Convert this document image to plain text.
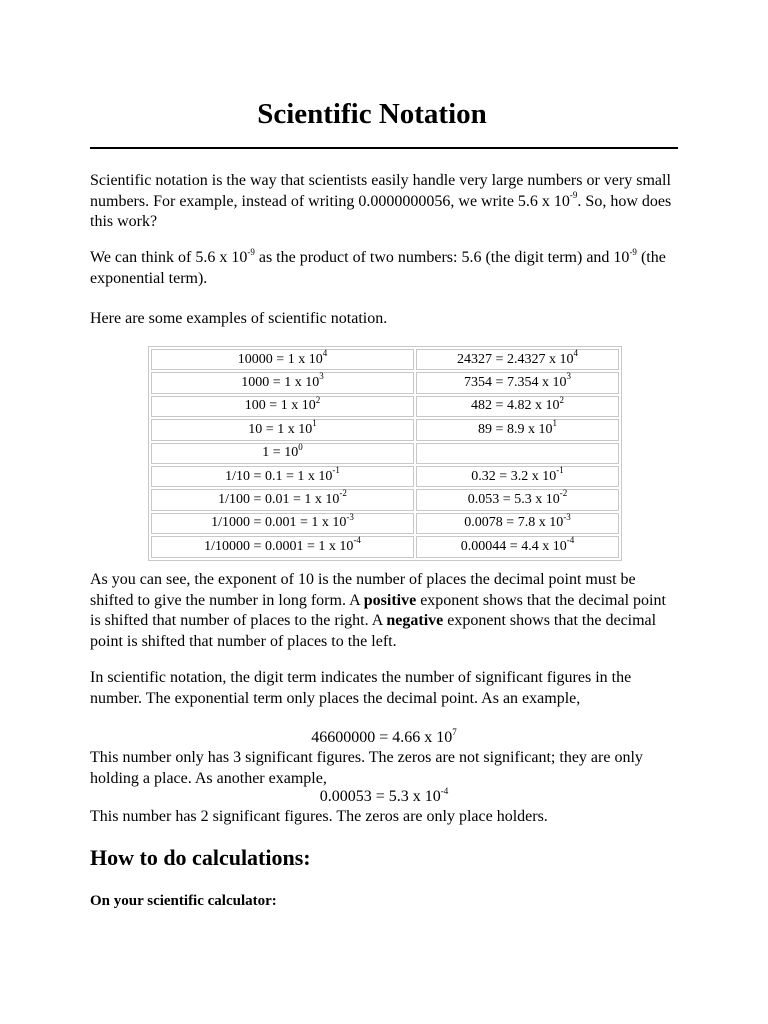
Scientific Notation

Scientific notation is the way that scientists easily handle very large numbers or very small numbers. For example, instead of writing 0.0000000056, we write 5.6 x $10^{-9}$. So, how does this work?

We can think of 5.6 x $10^{-9}$ as the product of two numbers: 5.6 (the digit term) and $10^{-9}$ (the exponential term).

Here are some examples of scientific notation.

10000 = 1 x $10^4$	24327 = 2.4327 x $10^4$
1000 = 1 x $10^3$	7354 = 7.354 x $10^3$
100 = 1 x $10^2$	482 = 4.82 x $10^2$
10 = 1 x $10^1$	89 = 8.9 x $10^1$
$1 = 10^0$	
1/10 = 0.1 = 1 x $10^{-1}$	0.32 = 3.2 x $10^{-1}$
1/100 = 0.01 = 1 x $10^{-2}$	0.053 = 5.3 x $10^{-2}$
1/1000 = 0.001 = 1 x $10^{-3}$	0.0078 = 7.8 x $10^{-3}$
1/10000 = 0.0001 = 1 x $10^{-4}$	0.00044 = 4.4 x $10^{-4}$

As you can see, the exponent of 10 is the number of places the decimal point must be shifted to give the number in long form. A positive exponent shows that the decimal point is shifted that number of places to the right. A negative exponent shows that the decimal point is shifted that number of places to the left.

In scientific notation, the digit term indicates the number of significant figures in the number. The exponential term only places the decimal point. As an example,

46600000 = 4.66 x $10^7$

This number only has 3 significant figures. The zeros are not significant; they are only holding a place. As another example,

0.00053 = 5.3 x $10^{-4}$

This number has 2 significant figures. The zeros are only place holders.

How to do calculations:
On your scientific calculator:
